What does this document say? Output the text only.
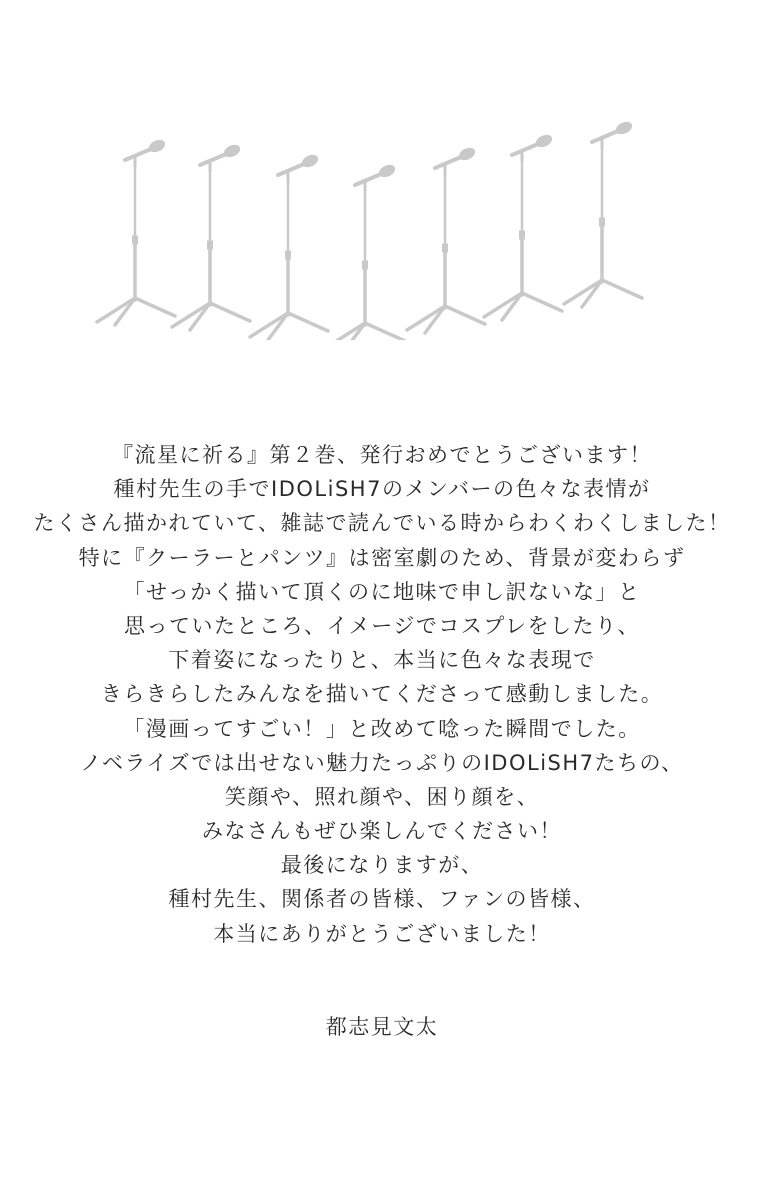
『流星に祈る』第２巻、発行おめでとうございます！
種村先生の手でIDOLiSH7のメンバーの色々な表情が
たくさん描かれていて、雑誌で読んでいる時からわくわくしました！
特に『クーラーとパンツ』は密室劇のため、背景が変わらず
「せっかく描いて頂くのに地味で申し訳ないな」と
思っていたところ、イメージでコスプレをしたり、
下着姿になったりと、本当に色々な表現で
きらきらしたみんなを描いてくださって感動しました。
「漫画ってすごい！」と改めて唸った瞬間でした。
ノベライズでは出せない魅力たっぷりのIDOLiSH7たちの、
笑顔や、照れ顔や、困り顔を、
みなさんもぜひ楽しんでください！
最後になりますが、
種村先生、関係者の皆様、ファンの皆様、
本当にありがとうございました！
都志見文太
